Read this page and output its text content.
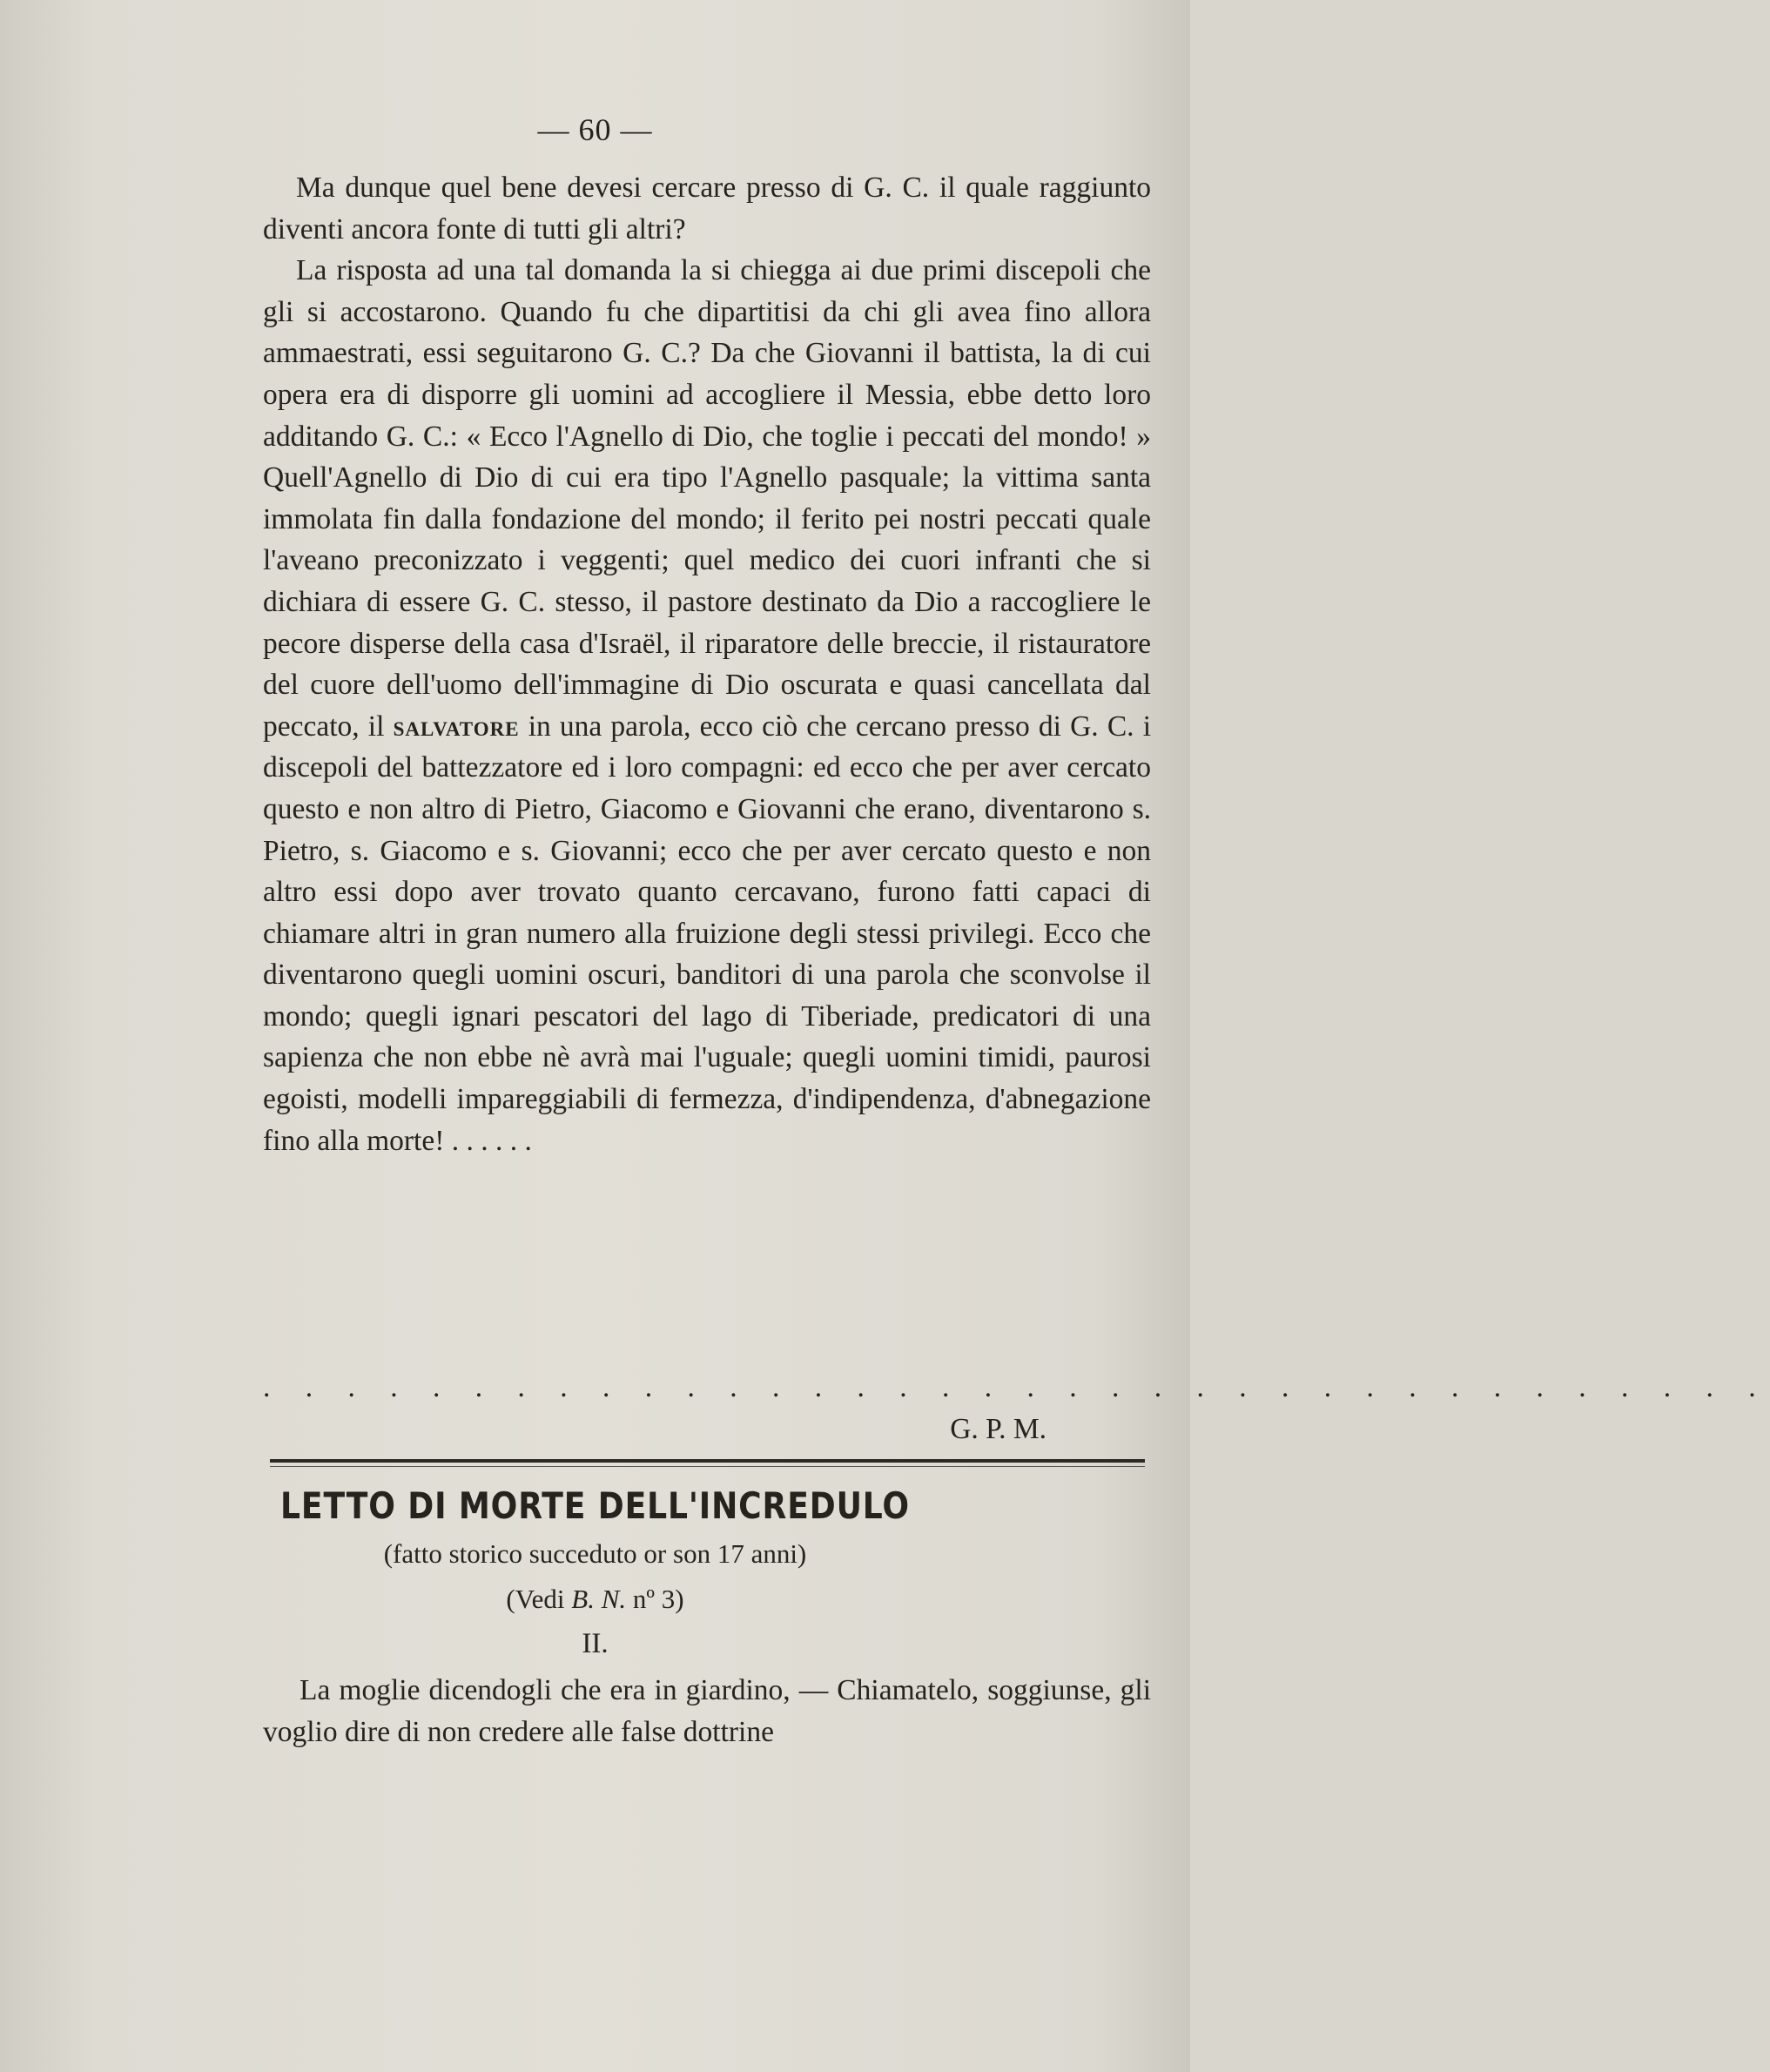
— 60 —

Ma dunque quel bene devesi cercare presso di G. C. il quale raggiunto diventi ancora fonte di tutti gli altri?

La risposta ad una tal domanda la si chiegga ai due primi discepoli che gli si accostarono. Quando fu che dipartitisi da chi gli avea fino allora ammaestrati, essi seguitarono G. C.? Da che Giovanni il battista, la di cui opera era di disporre gli uomini ad accogliere il Messia, ebbe detto loro additando G. C.: « Ecco l'Agnello di Dio, che toglie i peccati del mondo! » Quell'Agnello di Dio di cui era tipo l'Agnello pasquale; la vittima santa immolata fin dalla fondazione del mondo; il ferito pei nostri peccati quale l'aveano preconizzato i veggenti; quel medico dei cuori infranti che si dichiara di essere G. C. stesso, il pastore destinato da Dio a raccogliere le pecore disperse della casa d'Israël, il riparatore delle breccie, il ristauratore del cuore dell'uomo dell'immagine di Dio oscurata e quasi cancellata dal peccato, il salvatore in una parola, ecco ciò che cercano presso di G. C. i discepoli del battezzatore ed i loro compagni: ed ecco che per aver cercato questo e non altro di Pietro, Giacomo e Giovanni che erano, diventarono s. Pietro, s. Giacomo e s. Giovanni; ecco che per aver cercato questo e non altro essi dopo aver trovato quanto cercavano, furono fatti capaci di chiamare altri in gran numero alla fruizione degli stessi privilegi. Ecco che diventarono quegli uomini oscuri, banditori di una parola che sconvolse il mondo; quegli ignari pescatori del lago di Tiberiade, predicatori di una sapienza che non ebbe nè avrà mai l'uguale; quegli uomini timidi, paurosi egoisti, modelli impareggiabili di fermezza, d'indipendenza, d'abnegazione fino alla morte! . . . . . .

. . . . . . . . . . . . . . . . . . . . . . . . . . . . . . . . . . . .
G. P. M.
LETTO DI MORTE DELL'INCREDULO
(fatto storico succeduto or son 17 anni)
(Vedi B. N. nº 3)
II.

La moglie dicendogli che era in giardino, — Chiamatelo, soggiunse, gli voglio dire di non credere alle false dottrine
